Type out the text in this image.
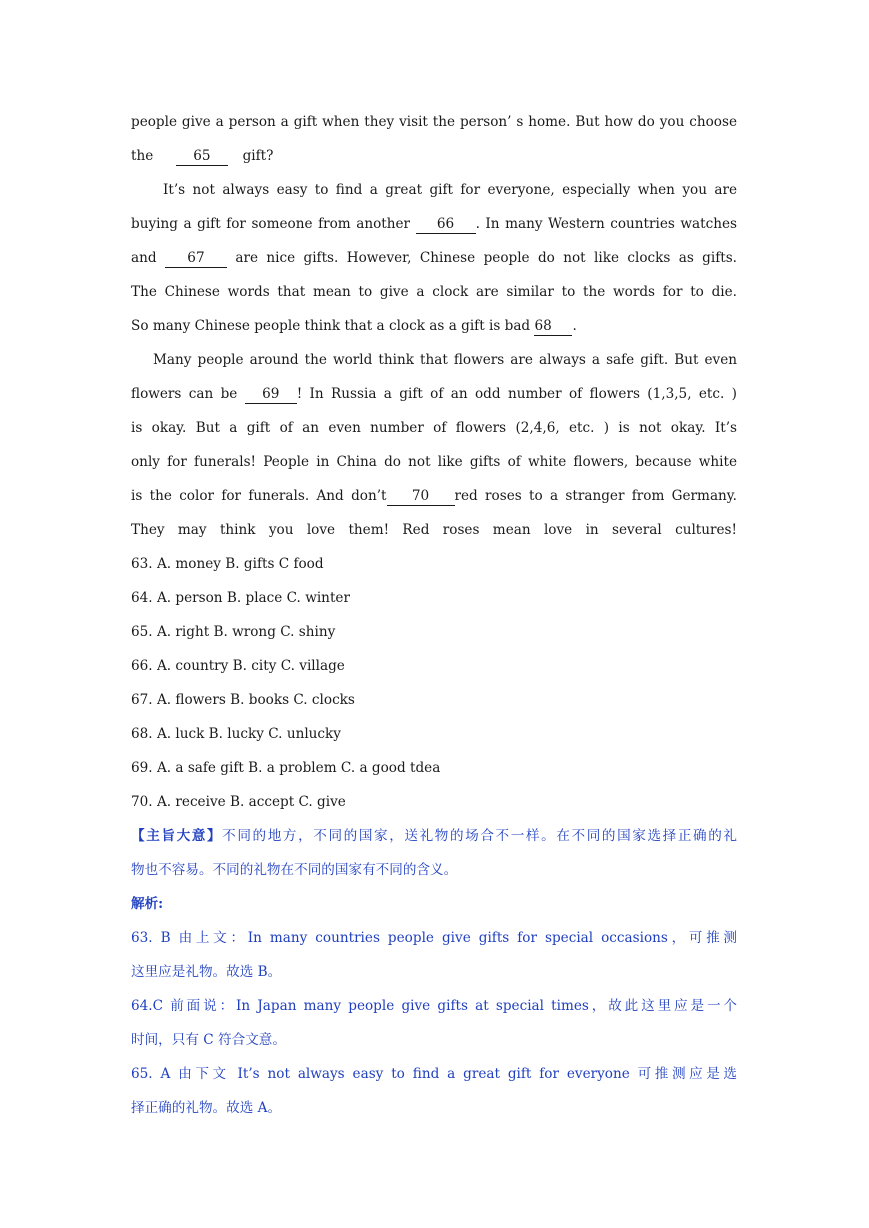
people give a person a gift when they visit the person’ s home. But how do you choose
the	65 gift?
It’s not always easy to find a great gift for everyone, especially when you are
buying a gift for someone from another 66 . In many Western countries watches
and 67 are nice gifts. However, Chinese people do not like clocks as gifts.
The Chinese words that mean to give a clock are similar to the words for to die.
So many Chinese people think that a clock as a gift is bad 68 .
Many people around the world think that flowers are always a safe gift. But even
flowers can be 69 ! In Russia a gift of an odd number of flowers (1,3,5, etc. )
is okay. But a gift of an even number of flowers (2,4,6, etc. ) is not okay. It’s
only for funerals! People in China do not like gifts of white flowers, because white
is the color for funerals. And don’t 70 red roses to a stranger from Germany.
They may think you love them! Red roses mean love in several cultures!
63. A. money B. gifts C food
64. A. person B. place C. winter
65. A. right B. wrong C. shiny
66. A. country B. city C. village
67. A. flowers B. books C. clocks
68. A. luck B. lucky C. unlucky
69. A. a safe gift B. a problem C. a good tdea
70. A. receive B. accept C. give
【主旨大意】不同的地方，不同的国家，送礼物的场合不一样。在不同的国家选择正确的礼
物也不容易。不同的礼物在不同的国家有不同的含义。
解析:
63. B 由上文：In many countries people give gifts for special occasions，可推测
这里应是礼物。故选 B。
64.C 前面说：In Japan many people give gifts at special times，故此这里应是一个
时间，只有 C 符合文意。
65. A 由下文 It’s not always easy to find a great gift for everyone 可推测应是选
择正确的礼物。故选 A。
